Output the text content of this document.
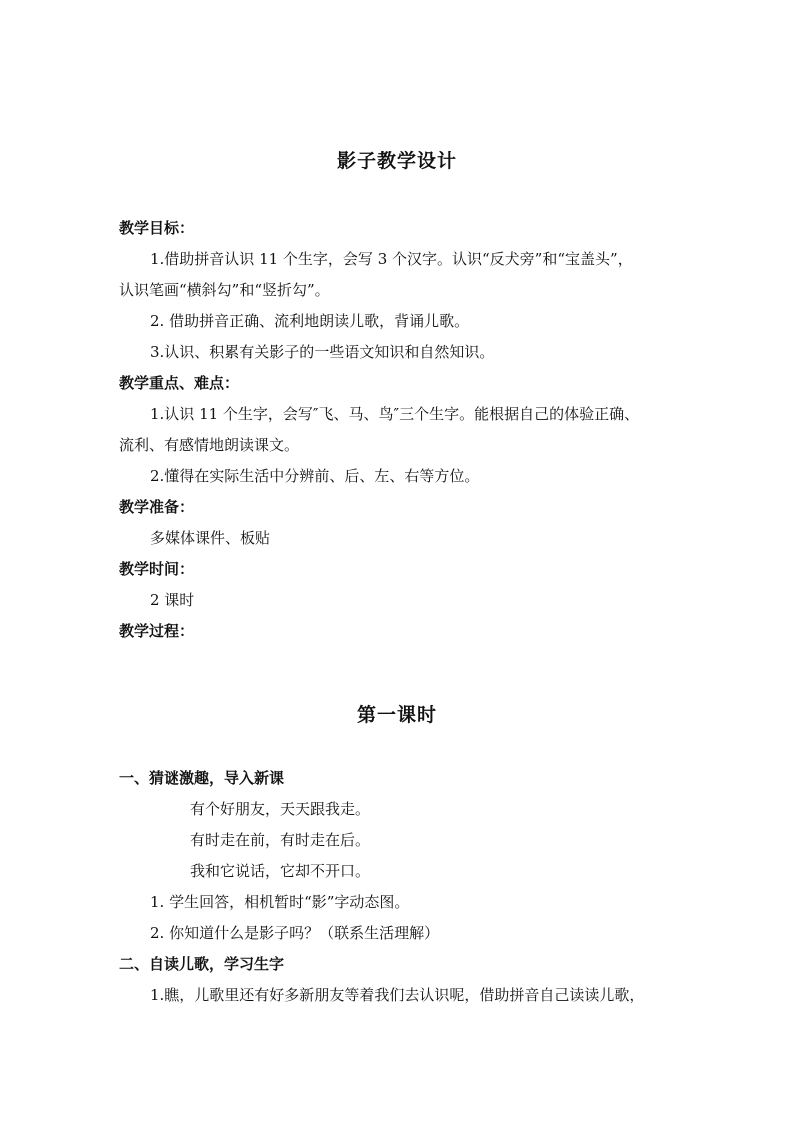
影子教学设计
教学目标：
1.借助拼音认识 11 个生字，会写 3 个汉字。认识“反犬旁”和“宝盖头”，
认识笔画“横斜勾”和“竖折勾”。
2. 借助拼音正确、流利地朗读儿歌，背诵儿歌。
3.认识、积累有关影子的一些语文知识和自然知识。
教学重点、难点：
1.认识 11 个生字，会写″飞、马、鸟″三个生字。能根据自己的体验正确、
流利、有感情地朗读课文。
2.懂得在实际生活中分辨前、后、左、右等方位。
教学准备：
多媒体课件、板贴
教学时间：
2 课时
教学过程：
第一课时
一、猜谜激趣，导入新课
有个好朋友，天天跟我走。
有时走在前，有时走在后。
我和它说话，它却不开口。
1. 学生回答，相机暂时“影”字动态图。
2. 你知道什么是影子吗？（联系生活理解）
二、自读儿歌，学习生字
1.瞧，儿歌里还有好多新朋友等着我们去认识呢，借助拼音自己读读儿歌，
